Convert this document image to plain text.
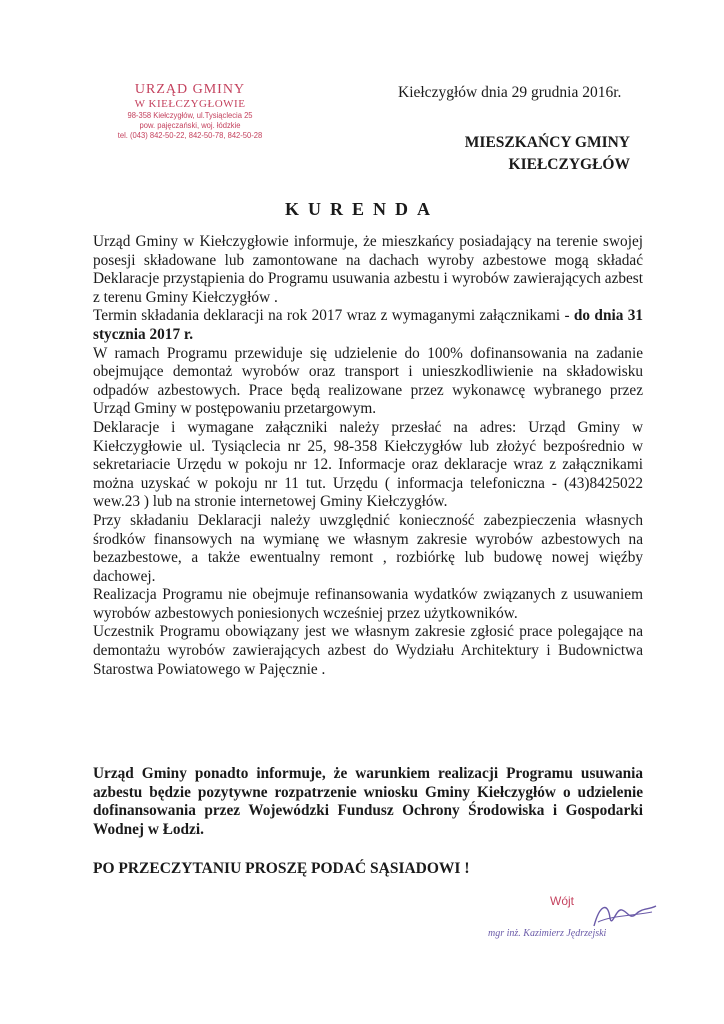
URZĄD GMINY
W KIEŁCZYGŁOWIE
98-358 Kiełczygłów, ul.Tysiąclecia 25
pow. pajęczański, woj. łódzkie
tel. (043) 842-50-22, 842-50-78, 842-50-28
Kiełczygłów dnia 29 grudnia 2016r.
MIESZKAŃCY GMINY
KIEŁCZYGŁÓW
KURENDA

Urząd Gminy w Kiełczygłowie informuje, że mieszkańcy posiadający na terenie swojej posesji składowane lub zamontowane na dachach wyroby azbestowe mogą składać Deklaracje przystąpienia do Programu usuwania azbestu i wyrobów zawierających azbest z terenu Gminy Kiełczygłów .

Termin składania deklaracji na rok 2017 wraz z wymaganymi załącznikami - do dnia 31 stycznia 2017 r.

W ramach Programu przewiduje się udzielenie do 100% dofinansowania na zadanie obejmujące demontaż wyrobów oraz transport i unieszkodliwienie na składowisku odpadów azbestowych. Prace będą realizowane przez wykonawcę wybranego przez Urząd Gminy w postępowaniu przetargowym.

Deklaracje i wymagane załączniki należy przesłać na adres: Urząd Gminy w Kiełczygłowie ul. Tysiąclecia nr 25, 98-358 Kiełczygłów lub złożyć bezpośrednio w sekretariacie Urzędu w pokoju nr 12. Informacje oraz deklaracje wraz z załącznikami można uzyskać w pokoju nr 11 tut. Urzędu ( informacja telefoniczna - (43)8425022 wew.23 ) lub na stronie internetowej Gminy Kiełczygłów.

Przy składaniu Deklaracji należy uwzględnić konieczność zabezpieczenia własnych środków finansowych na wymianę we własnym zakresie wyrobów azbestowych na bezazbestowe, a także ewentualny remont , rozbiórkę lub budowę nowej więźby dachowej.

Realizacja Programu nie obejmuje refinansowania wydatków związanych z usuwaniem wyrobów azbestowych poniesionych wcześniej przez użytkowników.

Uczestnik Programu obowiązany jest we własnym zakresie zgłosić prace polegające na demontażu wyrobów zawierających azbest do Wydziału Architektury i Budownictwa Starostwa Powiatowego w Pajęcznie .

Urząd Gminy ponadto informuje, że warunkiem realizacji Programu usuwania azbestu będzie pozytywne rozpatrzenie wniosku Gminy Kiełczygłów o udzielenie dofinansowania przez Wojewódzki Fundusz Ochrony Środowiska i Gospodarki Wodnej w Łodzi.
PO PRZECZYTANIU PROSZĘ PODAĆ SĄSIADOWI !
Wójt
mgr inż. Kazimierz Jędrzejski
